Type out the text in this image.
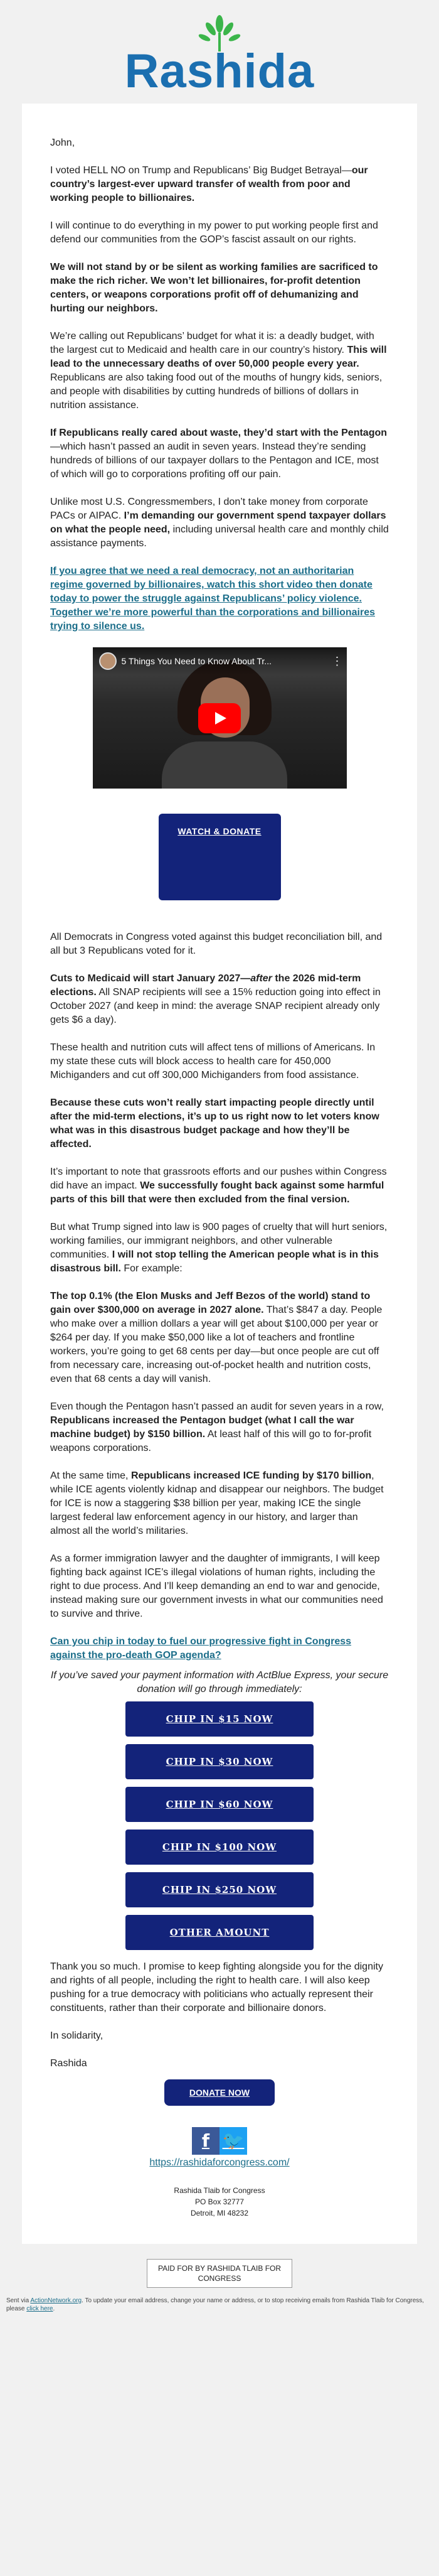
Rashida

John,

I voted HELL NO on Trump and Republicans’ Big Budget Betrayal—our country’s largest-ever upward transfer of wealth from poor and working people to billionaires.

I will continue to do everything in my power to put working people first and defend our communities from the GOP’s fascist assault on our rights.

We will not stand by or be silent as working families are sacrificed to make the rich richer. We won’t let billionaires, for-profit detention centers, or weapons corporations profit off of dehumanizing and hurting our neighbors.

We’re calling out Republicans’ budget for what it is: a deadly budget, with the largest cut to Medicaid and health care in our country’s history. This will lead to the unnecessary deaths of over 50,000 people every year. Republicans are also taking food out of the mouths of hungry kids, seniors, and people with disabilities by cutting hundreds of billions of dollars in nutrition assistance.

If Republicans really cared about waste, they’d start with the Pentagon—which hasn’t passed an audit in seven years. Instead they’re sending hundreds of billions of our taxpayer dollars to the Pentagon and ICE, most of which will go to corporations profiting off our pain.

Unlike most U.S. Congressmembers, I don’t take money from corporate PACs or AIPAC. I’m demanding our government spend taxpayer dollars on what the people need, including universal health care and monthly child assistance payments.

If you agree that we need a real democracy, not an authoritarian regime governed by billionaires, watch this short video then donate today to power the struggle against Republicans’ policy violence. Together we’re more powerful than the corporations and billionaires trying to silence us.

5 Things You Need to Know About Tr...	⋮
WATCH & DONATE

All Democrats in Congress voted against this budget reconciliation bill, and all but 3 Republicans voted for it.

Cuts to Medicaid will start January 2027—after the 2026 mid-term elections. All SNAP recipients will see a 15% reduction going into effect in October 2027 (and keep in mind: the average SNAP recipient already only gets $6 a day).

These health and nutrition cuts will affect tens of millions of Americans. In my state these cuts will block access to health care for 450,000 Michiganders and cut off 300,000 Michiganders from food assistance.

Because these cuts won’t really start impacting people directly until after the mid-term elections, it’s up to us right now to let voters know what was in this disastrous budget package and how they’ll be affected.

It’s important to note that grassroots efforts and our pushes within Congress did have an impact. We successfully fought back against some harmful parts of this bill that were then excluded from the final version.

But what Trump signed into law is 900 pages of cruelty that will hurt seniors, working families, our immigrant neighbors, and other vulnerable communities. I will not stop telling the American people what is in this disastrous bill. For example:

The top 0.1% (the Elon Musks and Jeff Bezos of the world) stand to gain over $300,000 on average in 2027 alone. That’s $847 a day. People who make over a million dollars a year will get about $100,000 per year or $264 per day. If you make $50,000 like a lot of teachers and frontline workers, you’re going to get 68 cents per day—but once people are cut off from necessary care, increasing out-of-pocket health and nutrition costs, even that 68 cents a day will vanish.

Even though the Pentagon hasn’t passed an audit for seven years in a row, Republicans increased the Pentagon budget (what I call the war machine budget) by $150 billion. At least half of this will go to for-profit weapons corporations.

At the same time, Republicans increased ICE funding by $170 billion, while ICE agents violently kidnap and disappear our neighbors. The budget for ICE is now a staggering $38 billion per year, making ICE the single largest federal law enforcement agency in our history, and larger than almost all the world’s militaries.

As a former immigration lawyer and the daughter of immigrants, I will keep fighting back against ICE’s illegal violations of human rights, including the right to due process. And I’ll keep demanding an end to war and genocide, instead making sure our government invests in what our communities need to survive and thrive.

Can you chip in today to fuel our progressive fight in Congress against the pro-death GOP agenda?

If you’ve saved your payment information with ActBlue Express, your secure donation will go through immediately:

CHIP IN $15 NOW
CHIP IN $30 NOW
CHIP IN $60 NOW
CHIP IN $100 NOW
CHIP IN $250 NOW
OTHER AMOUNT

Thank you so much. I promise to keep fighting alongside you for the dignity and rights of all people, including the right to health care. I will also keep pushing for a true democracy with politicians who actually represent their constituents, rather than their corporate and billionaire donors.

In solidarity,

Rashida

DONATE NOW
f 🐦
https://rashidaforcongress.com/
Rashida Tlaib for Congress
PO Box 32777
Detroit, MI 48232
PAID FOR BY RASHIDA TLAIB FOR CONGRESS
Sent via ActionNetwork.org. To update your email address, change your name or address, or to stop receiving emails from Rashida Tlaib for Congress, please click here.
